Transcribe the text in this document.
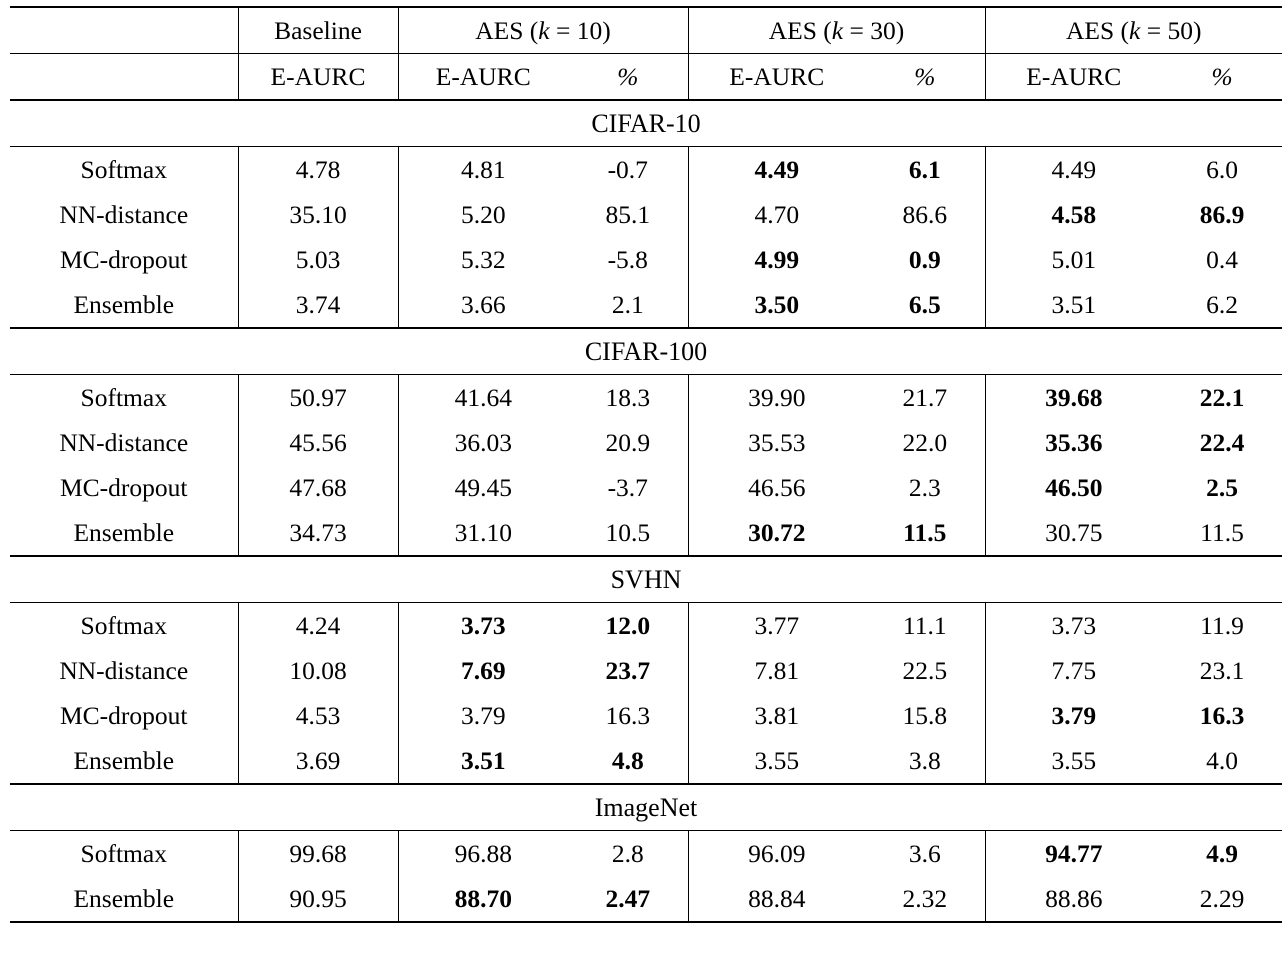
	Baseline	AES (k = 10)		AES (k = 30)		AES (k = 50)	
	E-AURC	E-AURC	%	E-AURC	%	E-AURC	%
CIFAR-10							
Softmax	4.78	4.81	-0.7	4.49	6.1	4.49	6.0
NN-distance	35.10	5.20	85.1	4.70	86.6	4.58	86.9
MC-dropout	5.03	5.32	-5.8	4.99	0.9	5.01	0.4
Ensemble	3.74	3.66	2.1	3.50	6.5	3.51	6.2
CIFAR-100							
Softmax	50.97	41.64	18.3	39.90	21.7	39.68	22.1
NN-distance	45.56	36.03	20.9	35.53	22.0	35.36	22.4
MC-dropout	47.68	49.45	-3.7	46.56	2.3	46.50	2.5
Ensemble	34.73	31.10	10.5	30.72	11.5	30.75	11.5
SVHN							
Softmax	4.24	3.73	12.0	3.77	11.1	3.73	11.9
NN-distance	10.08	7.69	23.7	7.81	22.5	7.75	23.1
MC-dropout	4.53	3.79	16.3	3.81	15.8	3.79	16.3
Ensemble	3.69	3.51	4.8	3.55	3.8	3.55	4.0
ImageNet							
Softmax	99.68	96.88	2.8	96.09	3.6	94.77	4.9
Ensemble	90.95	88.70	2.47	88.84	2.32	88.86	2.29
